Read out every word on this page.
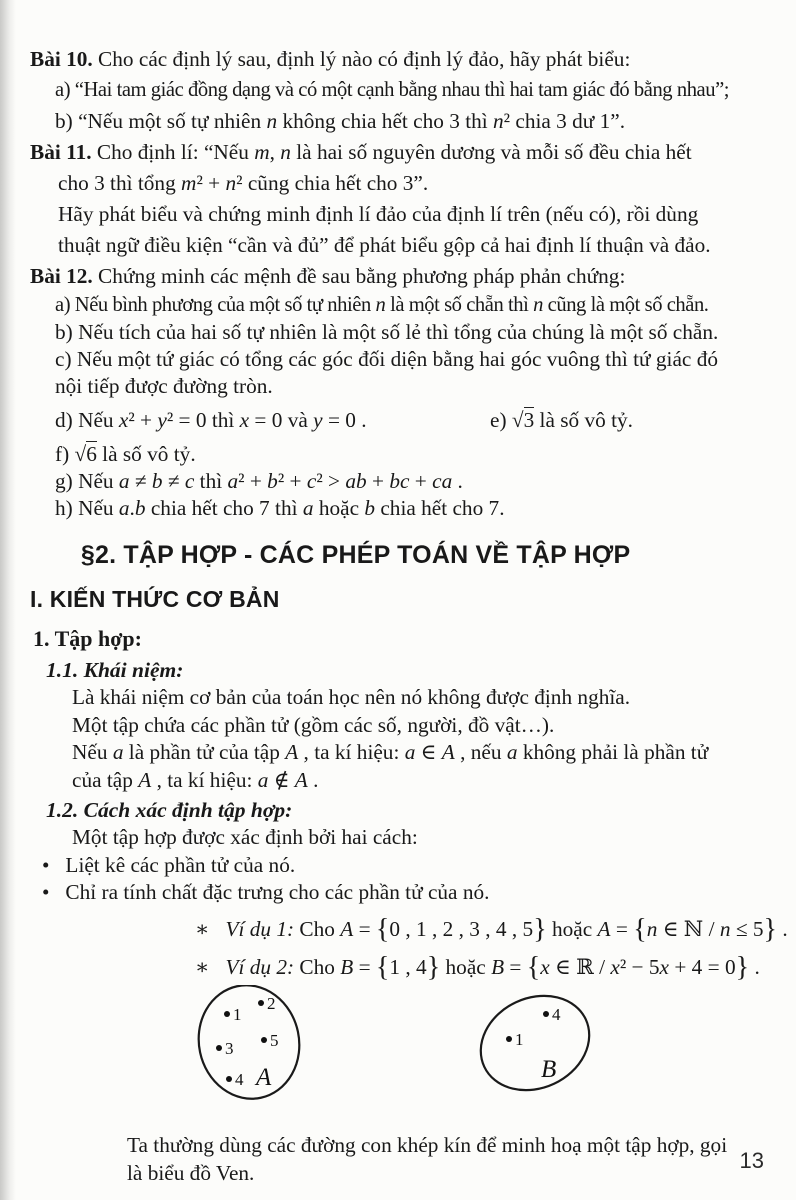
Bài 10. Cho các định lý sau, định lý nào có định lý đảo, hãy phát biểu:
a) “Hai tam giác đồng dạng và có một cạnh bằng nhau thì hai tam giác đó bằng nhau”;
b) “Nếu một số tự nhiên n không chia hết cho 3 thì n² chia 3 dư 1”.
Bài 11. Cho định lí: “Nếu m, n là hai số nguyên dương và mỗi số đều chia hết
cho 3 thì tổng m² + n² cũng chia hết cho 3”.
Hãy phát biểu và chứng minh định lí đảo của định lí trên (nếu có), rồi dùng
thuật ngữ điều kiện “cần và đủ” để phát biểu gộp cả hai định lí thuận và đảo.
Bài 12. Chứng minh các mệnh đề sau bằng phương pháp phản chứng:
a) Nếu bình phương của một số tự nhiên n là một số chẵn thì n cũng là một số chẵn.
b) Nếu tích của hai số tự nhiên là một số lẻ thì tổng của chúng là một số chẵn.
c) Nếu một tứ giác có tổng các góc đối diện bằng hai góc vuông thì tứ giác đó
nội tiếp được đường tròn.
d) Nếu x² + y² = 0 thì x = 0 và y = 0 .	e) √3 là số vô tỷ.
f) √6 là số vô tỷ.
g) Nếu a ≠ b ≠ c thì a² + b² + c² > ab + bc + ca .
h) Nếu a.b chia hết cho 7 thì a hoặc b chia hết cho 7.
§2. TẬP HỢP - CÁC PHÉP TOÁN VỀ TẬP HỢP
I. KIẾN THỨC CƠ BẢN
1. Tập hợp:
1.1. Khái niệm:
Là khái niệm cơ bản của toán học nên nó không được định nghĩa.
Một tập chứa các phần tử (gồm các số, người, đồ vật…).
Nếu a là phần tử của tập A , ta kí hiệu: a ∈ A , nếu a không phải là phần tử
của tập A , ta kí hiệu: a ∉ A .
1.2. Cách xác định tập hợp:
Một tập hợp được xác định bởi hai cách:
•   Liệt kê các phần tử của nó.
•   Chỉ ra tính chất đặc trưng cho các phần tử của nó.
∗   Ví dụ 1: Cho A = {0 , 1 , 2 , 3 , 4 , 5} hoặc A = {n ∈ ℕ / n ≤ 5} .
∗   Ví dụ 2: Cho B = {1 , 4} hoặc B = {x ∈ ℝ / x² − 5x + 4 = 0} .
1
2
5
3
4 A
4
1
B
Ta thường dùng các đường con khép kín để minh hoạ một tập hợp, gọi
là biểu đồ Ven.	13
